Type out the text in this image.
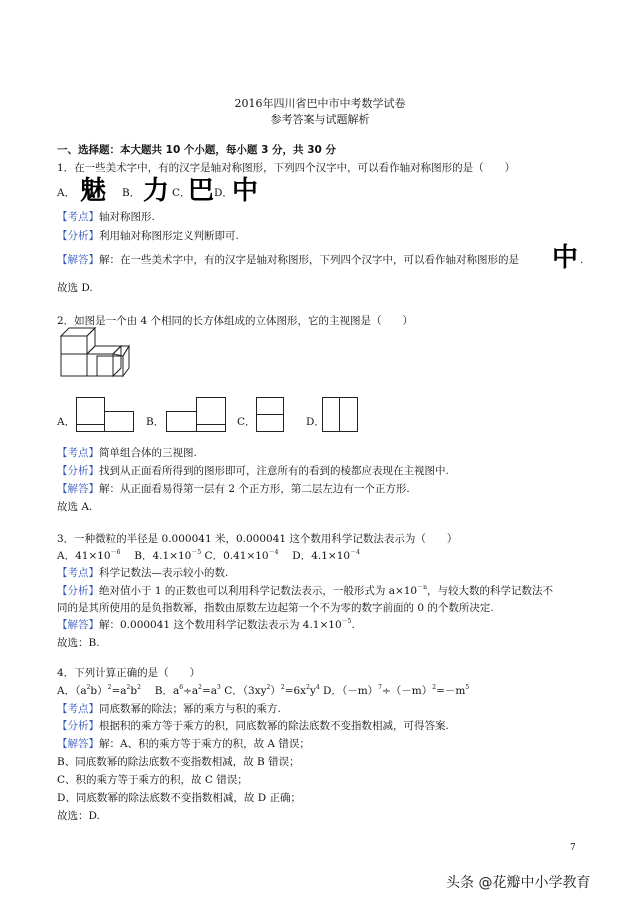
2016年四川省巴中市中考数学试卷
参考答案与试题解析
一、选择题：本大题共 10 个小题，每小题 3 分，共 30 分
1．在一些美术字中，有的汉字是轴对称图形，下列四个汉字中，可以看作轴对称图形的是（　　）
A． 魅 B． 力 C．
巴 D． 中
【考点】轴对称图形.
【分析】利用轴对称图形定义判断即可.
【解答】解：在一些美术字中，有的汉字是轴对称图形，下列四个汉字中，可以看作轴对称图形的是 中 .
故选 D.
2．如图是一个由 4 个相同的长方体组成的立体图形，它的主视图是（　　）
A．	B．	C．	D．
【考点】简单组合体的三视图.
【分析】找到从正面看所得到的图形即可，注意所有的看到的棱都应表现在主视图中.
【解答】解：从正面看易得第一层有 2 个正方形，第二层左边有一个正方形.
故选 A.
3．一种微粒的半径是 0.000041 米，0.000041 这个数用科学记数法表示为（　　）
A．$41\times 10^{-6}$  B．$4.1\times 10^{-5}$ C．$0.41\times 10^{-4}$  D．$4.1\times 10^{-4}$
【考点】科学记数法—表示较小的数.
【分析】绝对值小于 1 的正数也可以利用科学记数法表示，一般形式为 $a\times 10^{-n}$，与较大数的科学记数法不
同的是其所使用的是负指数幂，指数由原数左边起第一个不为零的数字前面的 0 的个数所决定.
【解答】解：0.000041 这个数用科学记数法表示为 $4.1\times 10^{-5}$.
故选：B.
4．下列计算正确的是（　　）
A．$(a^2b)^2=a^2b^2$  B．$a^6\div a^2=a^3$ C．$(3xy^2)^2=6x^2y^4$ D．$(-m)^7\div(-m)^2=-m^5$
【考点】同底数幂的除法；幂的乘方与积的乘方.
【分析】根据积的乘方等于乘方的积，同底数幂的除法底数不变指数相减，可得答案.
【解答】解：A、积的乘方等于乘方的积，故 A 错误；
B、同底数幂的除法底数不变指数相减，故 B 错误；
C、积的乘方等于乘方的积，故 C 错误；
D、同底数幂的除法底数不变指数相减，故 D 正确；
故选：D.
7
头条 @花瓣中小学教育
